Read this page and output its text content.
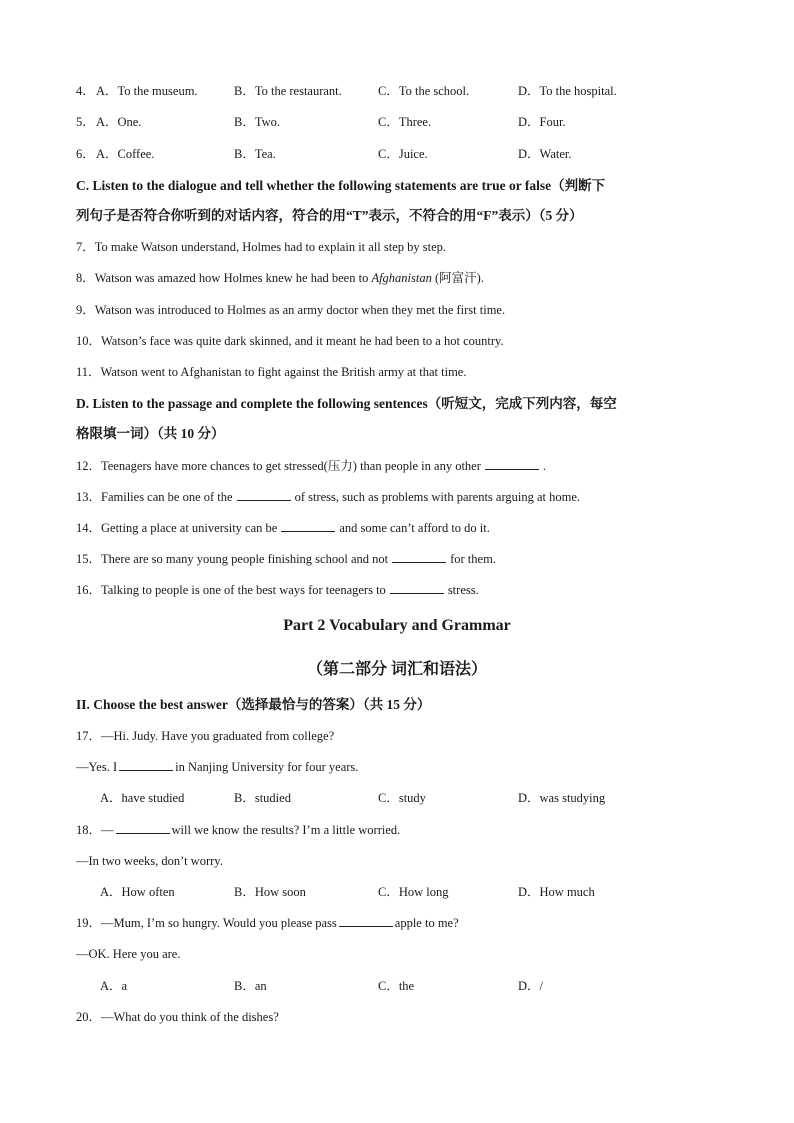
4． A．To the museum.	B．To the restaurant.	C．To the school.	D．To the hospital.
5． A．One.	B．Two.	C．Three.	D．Four.
6． A．Coffee.	B．Tea.	C．Juice.	D．Water.
C. Listen to the dialogue and tell whether the following statements are true or false（判断下
列句子是否符合你听到的对话内容，符合的用“T”表示，不符合的用“F”表示）（5 分）
7．To make Watson understand, Holmes had to explain it all step by step.
8．Watson was amazed how Holmes knew he had been to Afghanistan (阿富汗).
9．Watson was introduced to Holmes as an army doctor when they met the first time.
10．Watson’s face was quite dark skinned, and it meant he had been to a hot country.
11．Watson went to Afghanistan to fight against the British army at that time.
D. Listen to the passage and complete the following sentences（听短文，完成下列内容，每空
格限填一词）（共 10 分）
12．Teenagers have more chances to get stressed(压力) than people in any other	.
13．Families can be one of the	of stress, such as problems with parents arguing at home.
14．Getting a place at university can be	and some can’t afford to do it.
15．There are so many young people finishing school and not	for them.
16．Talking to people is one of the best ways for teenagers to	stress.
Part 2 Vocabulary and Grammar
（第二部分 词汇和语法）
II. Choose the best answer（选择最恰与的答案）（共 15 分）
17．—Hi. Judy. Have you graduated from college?
—Yes. I	in Nanjing University for four years.
A．have studied	B．studied	C．study	D．was studying
18．—	will we know the results? I’m a little worried.
—In two weeks, don’t worry.
A．How often	B．How soon	C．How long	D．How much
19．—Mum, I’m so hungry. Would you please pass	apple to me?
—OK. Here you are.
A．a	B．an	C．the	D．/
20．—What do you think of the dishes?
